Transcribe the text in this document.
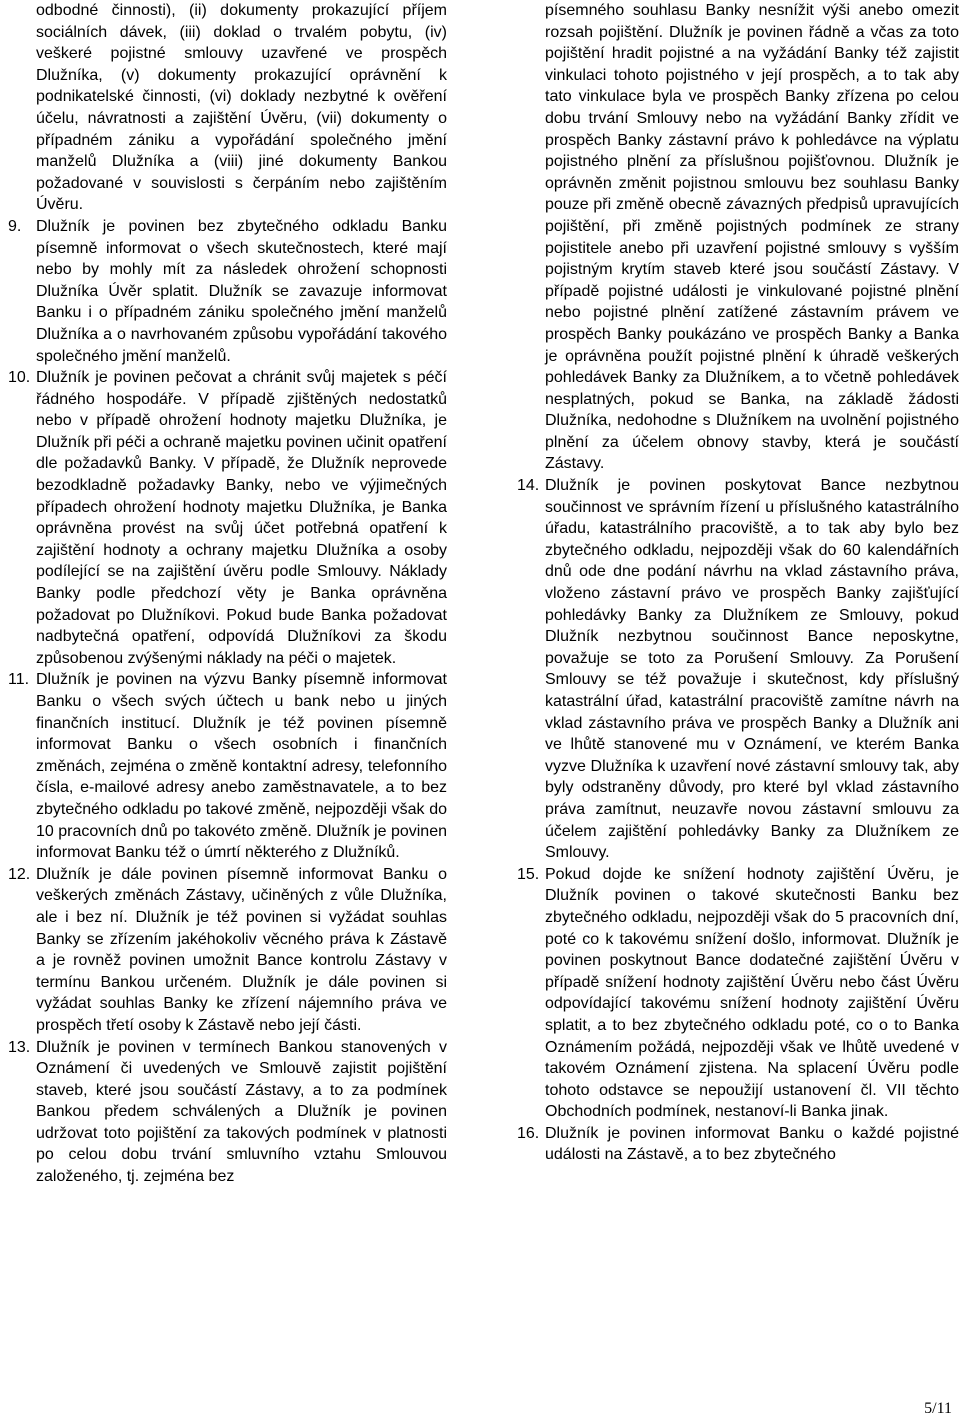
odbodné činnosti), (ii) dokumenty prokazující příjem sociálních dávek, (iii) doklad o trvalém pobytu, (iv) veškeré pojistné smlouvy uzavřené ve prospěch Dlužníka, (v) dokumenty prokazující oprávnění k podnikatelské činnosti, (vi) doklady nezbytné k ověření účelu, návratnosti a zajištění Úvěru, (vii) dokumenty o případném zániku a vypořádání společného jmění manželů Dlužníka a (viii) jiné dokumenty Bankou požadované v souvislosti s čerpáním nebo zajištěním Úvěru.
9. Dlužník je povinen bez zbytečného odkladu Banku písemně informovat o všech skutečnostech, které mají nebo by mohly mít za následek ohrožení schopnosti Dlužníka Úvěr splatit. Dlužník se zavazuje informovat Banku i o případném zániku společného jmění manželů Dlužníka a o navrhovaném způsobu vypořádání takového společného jmění manželů.
10. Dlužník je povinen pečovat a chránit svůj majetek s péčí řádného hospodáře. V případě zjištěných nedostatků nebo v případě ohrožení hodnoty majetku Dlužníka, je Dlužník při péči a ochraně majetku povinen učinit opatření dle požadavků Banky. V případě, že Dlužník neprovede bezodkladně požadavky Banky, nebo ve výjimečných případech ohrožení hodnoty majetku Dlužníka, je Banka oprávněna provést na svůj účet potřebná opatření k zajištění hodnoty a ochrany majetku Dlužníka a osoby podílející se na zajištění úvěru podle Smlouvy. Náklady Banky podle předchozí věty je Banka oprávněna požadovat po Dlužníkovi. Pokud bude Banka požadovat nadbytečná opatření, odpovídá Dlužníkovi za škodu způsobenou zvýšenými náklady na péči o majetek.
11. Dlužník je povinen na výzvu Banky písemně informovat Banku o všech svých účtech u bank nebo u jiných finančních institucí. Dlužník je též povinen písemně informovat Banku o všech osobních i finančních změnách, zejména o změně kontaktní adresy, telefonního čísla, e-mailové adresy anebo zaměstnavatele, a to bez zbytečného odkladu po takové změně, nejpozději však do 10 pracovních dnů po takovéto změně. Dlužník je povinen informovat Banku též o úmrtí některého z Dlužníků.
12. Dlužník je dále povinen písemně informovat Banku o veškerých změnách Zástavy, učiněných z vůle Dlužníka, ale i bez ní. Dlužník je též povinen si vyžádat souhlas Banky se zřízením jakéhokoliv věcného práva k Zástavě a je rovněž povinen umožnit Bance kontrolu Zástavy v termínu Bankou určeném. Dlužník je dále povinen si vyžádat souhlas Banky ke zřízení nájemního práva ve prospěch třetí osoby k Zástavě nebo její části.
13. Dlužník je povinen v termínech Bankou stanovených v Oznámení či uvedených ve Smlouvě zajistit pojištění staveb, které jsou součástí Zástavy, a to za podmínek Bankou předem schválených a Dlužník je povinen udržovat toto pojištění za takových podmínek v platnosti po celou dobu trvání smluvního vztahu Smlouvou založeného, tj. zejména bez
písemného souhlasu Banky nesnížit výši anebo omezit rozsah pojištění. Dlužník je povinen řádně a včas za toto pojištění hradit pojistné a na vyžádání Banky též zajistit vinkulaci tohoto pojistného v její prospěch, a to tak aby tato vinkulace byla ve prospěch Banky zřízena po celou dobu trvání Smlouvy nebo na vyžádání Banky zřídit ve prospěch Banky zástavní právo k pohledávce na výplatu pojistného plnění za příslušnou pojišťovnou. Dlužník je oprávněn změnit pojistnou smlouvu bez souhlasu Banky pouze při změně obecně závazných předpisů upravujících pojištění, při změně pojistných podmínek ze strany pojistitele anebo při uzavření pojistné smlouvy s vyšším pojistným krytím staveb které jsou součástí Zástavy. V případě pojistné události je vinkulované pojistné plnění nebo pojistné plnění zatížené zástavním právem ve prospěch Banky poukázáno ve prospěch Banky a Banka je oprávněna použít pojistné plnění k úhradě veškerých pohledávek Banky za Dlužníkem, a to včetně pohledávek nesplatných, pokud se Banka, na základě žádosti Dlužníka, nedohodne s Dlužníkem na uvolnění pojistného plnění za účelem obnovy stavby, která je součástí Zástavy.
14. Dlužník je povinen poskytovat Bance nezbytnou součinnost ve správním řízení u příslušného katastrálního úřadu, katastrálního pracoviště, a to tak aby bylo bez zbytečného odkladu, nejpozději však do 60 kalendářních dnů ode dne podání návrhu na vklad zástavního práva, vloženo zástavní právo ve prospěch Banky zajišťující pohledávky Banky za Dlužníkem ze Smlouvy, pokud Dlužník nezbytnou součinnost Bance neposkytne, považuje se toto za Porušení Smlouvy. Za Porušení Smlouvy se též považuje i skutečnost, kdy příslušný katastrální úřad, katastrální pracoviště zamítne návrh na vklad zástavního práva ve prospěch Banky a Dlužník ani ve lhůtě stanovené mu v Oznámení, ve kterém Banka vyzve Dlužníka k uzavření nové zástavní smlouvy tak, aby byly odstraněny důvody, pro které byl vklad zástavního práva zamítnut, neuzavře novou zástavní smlouvu za účelem zajištění pohledávky Banky za Dlužníkem ze Smlouvy.
15. Pokud dojde ke snížení hodnoty zajištění Úvěru, je Dlužník povinen o takové skutečnosti Banku bez zbytečného odkladu, nejpozději však do 5 pracovních dní, poté co k takovému snížení došlo, informovat. Dlužník je povinen poskytnout Bance dodatečné zajištění Úvěru v případě snížení hodnoty zajištění Úvěru nebo část Úvěru odpovídající takovému snížení hodnoty zajištění Úvěru splatit, a to bez zbytečného odkladu poté, co o to Banka Oznámením požádá, nejpozději však ve lhůtě uvedené v takovém Oznámení zjistena. Na splacení Úvěru podle tohoto odstavce se nepoužijí ustanovení čl. VII těchto Obchodních podmínek, nestanoví-li Banka jinak.
16. Dlužník je povinen informovat Banku o každé pojistné události na Zástavě, a to bez zbytečného
5/11
